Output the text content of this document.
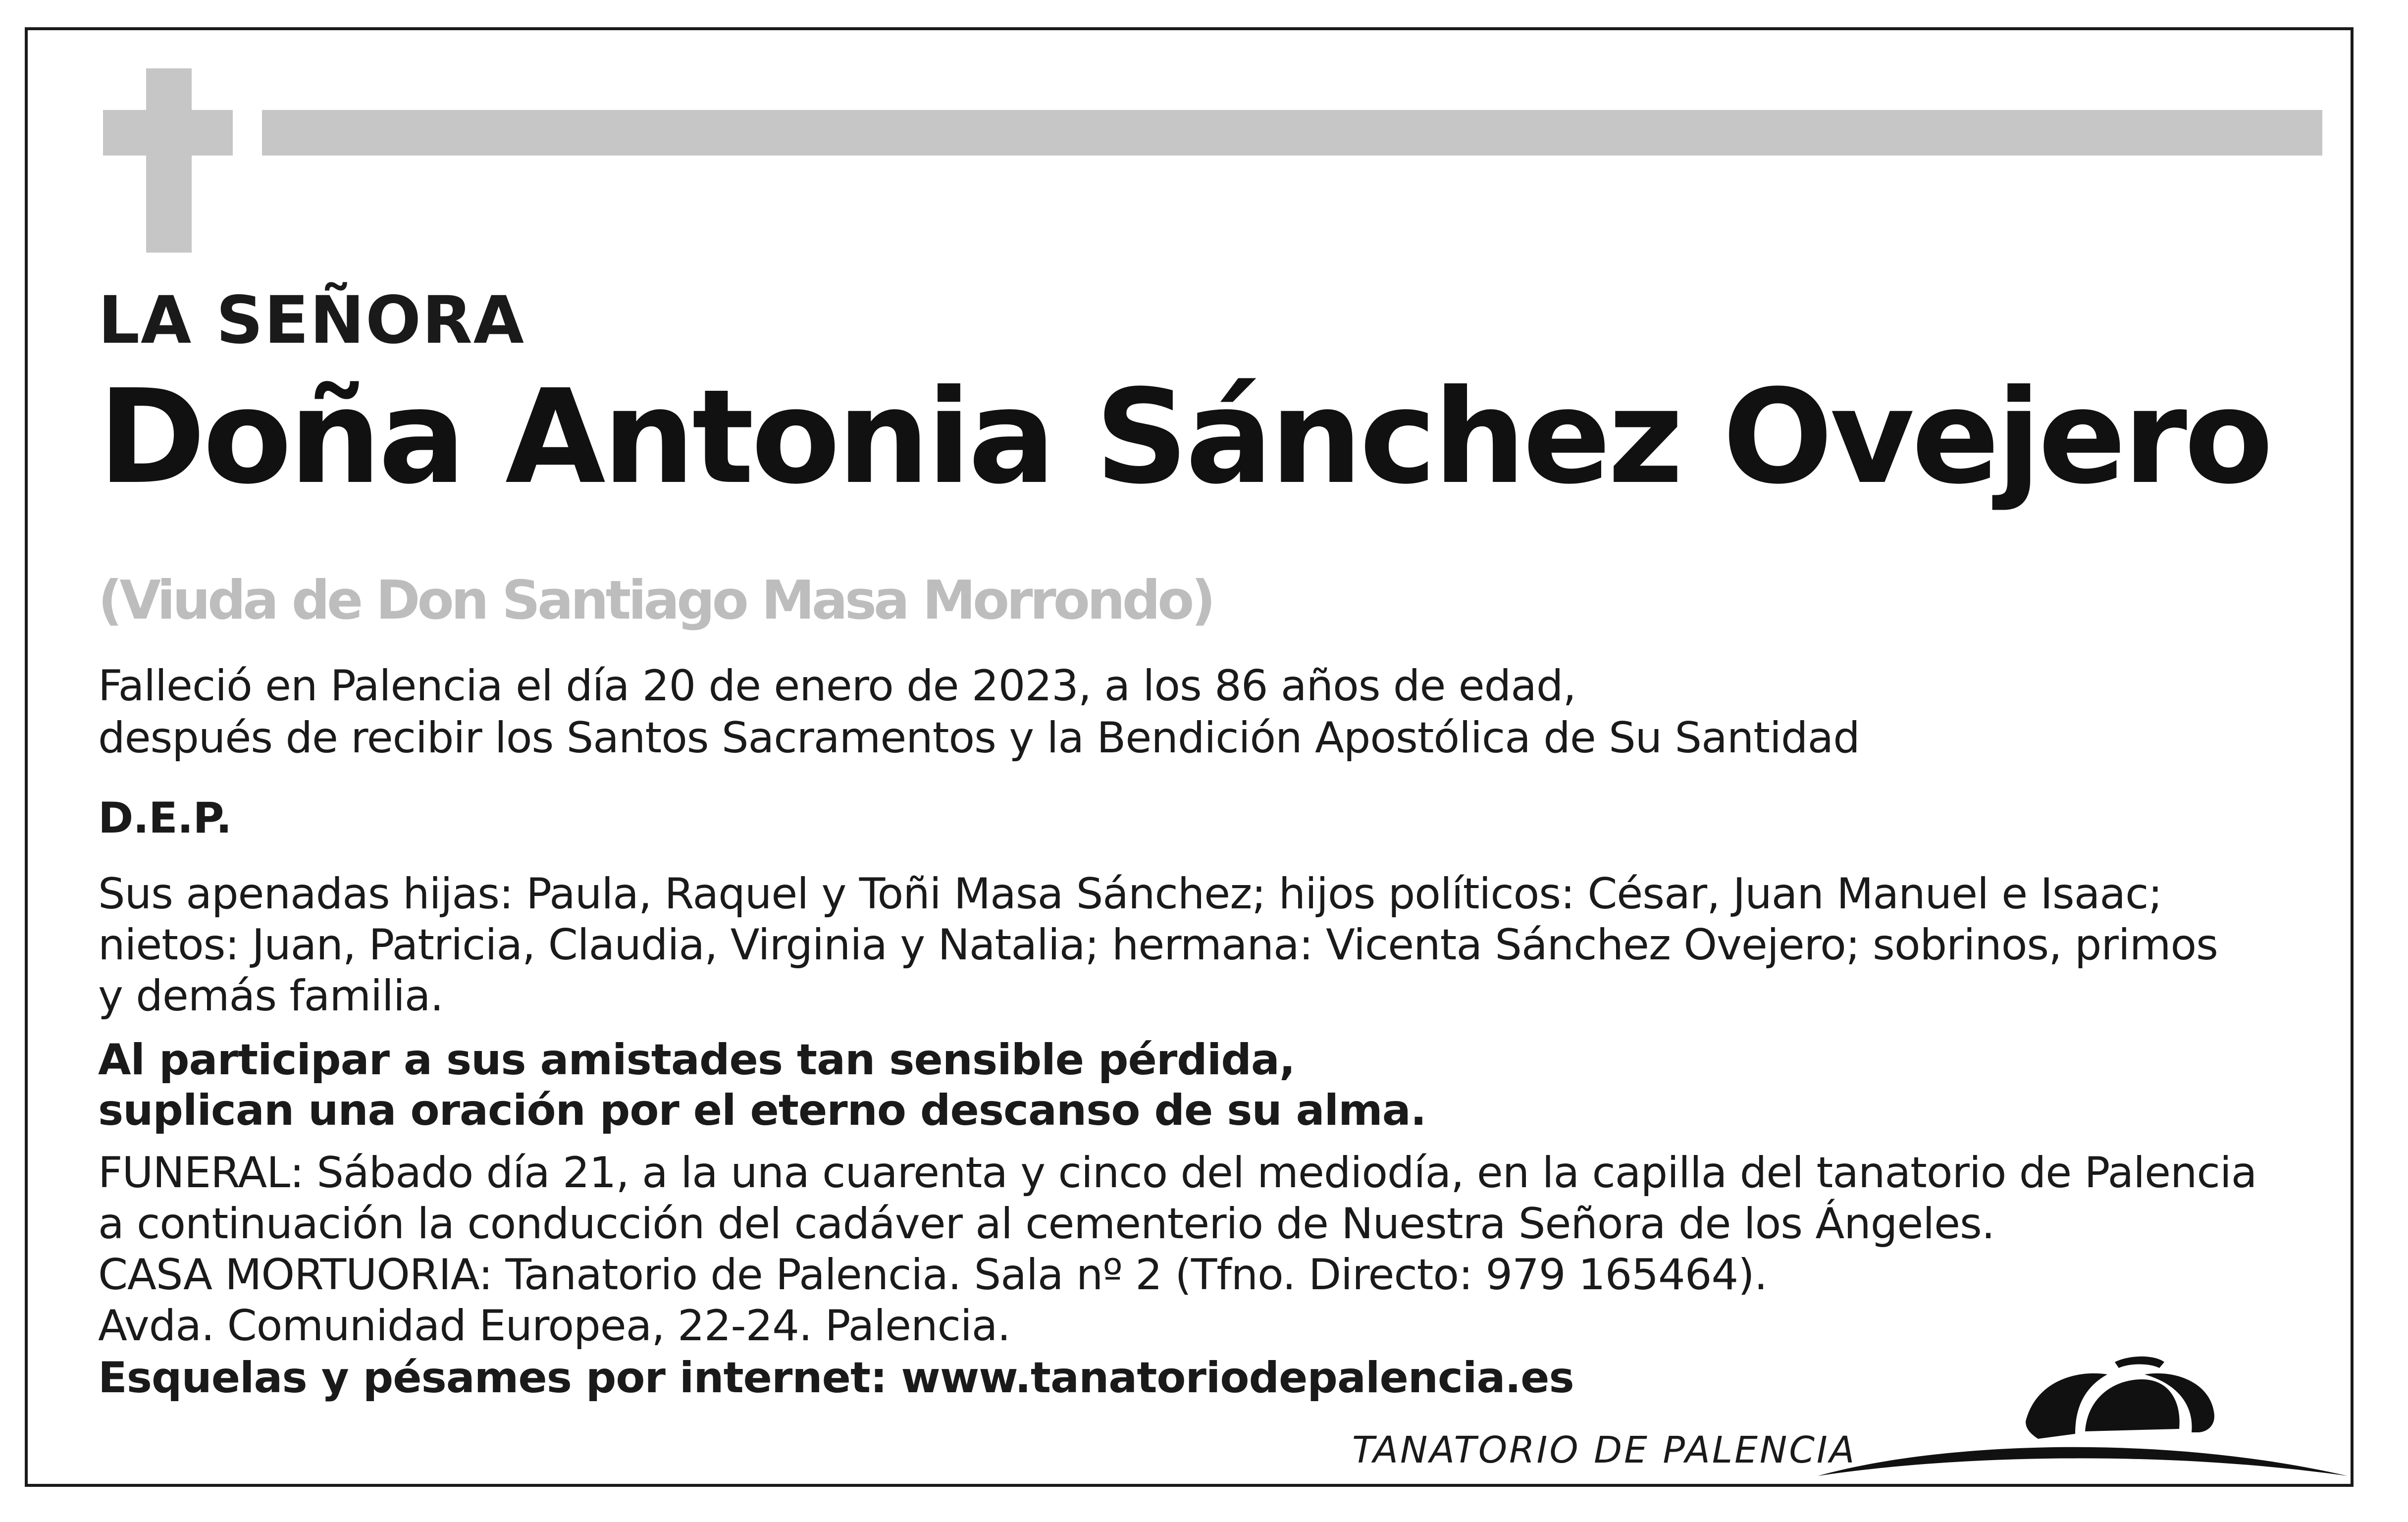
LA SEÑORA

Doña Antonia Sánchez Ovejero

(Viuda de Don Santiago Masa Morrondo)

Falleció en Palencia el día 20 de enero de 2023, a los 86 años de edad,

después de recibir los Santos Sacramentos y la Bendición Apostólica de Su Santidad

D.E.P.

Sus apenadas hijas: Paula, Raquel y Toñi Masa Sánchez; hijos políticos: César, Juan Manuel e Isaac;

nietos: Juan, Patricia, Claudia, Virginia y Natalia; hermana: Vicenta Sánchez Ovejero; sobrinos, primos

y demás familia.

Al participar a sus amistades tan sensible pérdida,

suplican una oración por el eterno descanso de su alma.

FUNERAL: Sábado día 21, a la una cuarenta y cinco del mediodía, en la capilla del tanatorio de Palencia

a continuación la conducción del cadáver al cementerio de Nuestra Señora de los Ángeles.

CASA MORTUORIA: Tanatorio de Palencia. Sala nº 2 (Tfno. Directo: 979 165464).

Avda. Comunidad Europea, 22-24. Palencia.

Esquelas y pésames por internet: www.tanatoriodepalencia.es

TANATORIO DE PALENCIA
